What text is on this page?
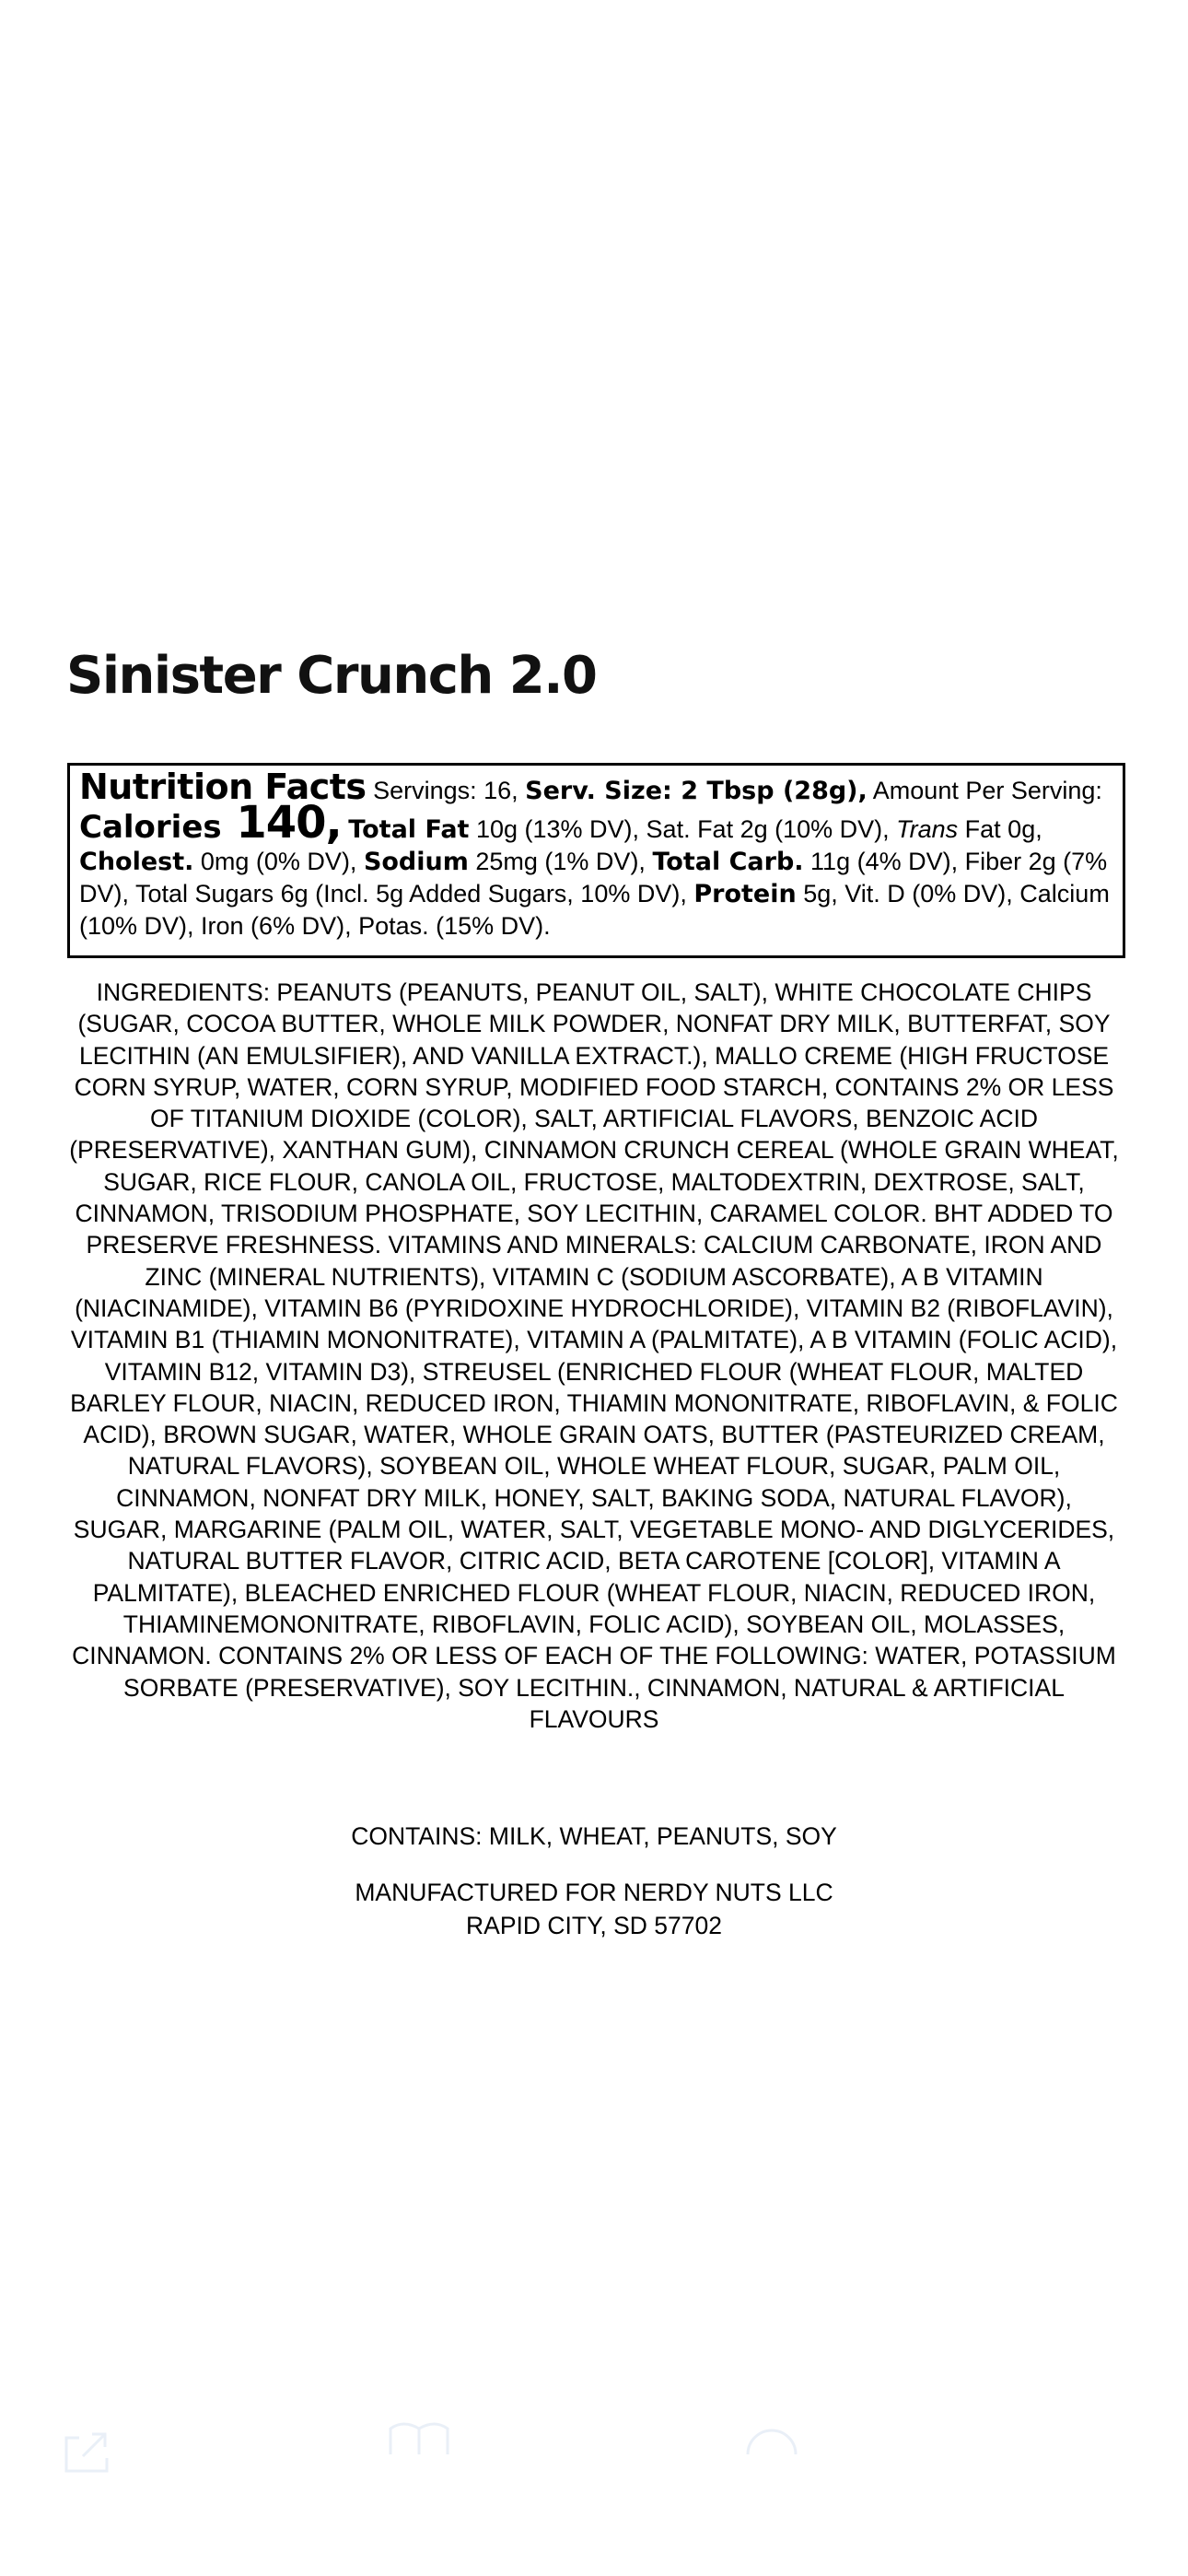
Sinister Crunch 2.0
Nutrition Facts Servings: 16, Serv. Size: 2 Tbsp (28g), Amount Per Serving: Calories 140, Total Fat 10g (13% DV), Sat. Fat 2g (10% DV), Trans Fat 0g, Cholest. 0mg (0% DV), Sodium 25mg (1% DV), Total Carb. 11g (4% DV), Fiber 2g (7% DV), Total Sugars 6g (Incl. 5g Added Sugars, 10% DV), Protein 5g, Vit. D (0% DV), Calcium (10% DV), Iron (6% DV), Potas. (15% DV).

INGREDIENTS: PEANUTS (PEANUTS, PEANUT OIL, SALT), WHITE CHOCOLATE CHIPS (SUGAR, COCOA BUTTER, WHOLE MILK POWDER, NONFAT DRY MILK, BUTTERFAT, SOY LECITHIN (AN EMULSIFIER), AND VANILLA EXTRACT.), MALLO CREME (HIGH FRUCTOSE CORN SYRUP, WATER, CORN SYRUP, MODIFIED FOOD STARCH, CONTAINS 2% OR LESS OF TITANIUM DIOXIDE (COLOR), SALT, ARTIFICIAL FLAVORS, BENZOIC ACID (PRESERVATIVE), XANTHAN GUM), CINNAMON CRUNCH CEREAL (WHOLE GRAIN WHEAT, SUGAR, RICE FLOUR, CANOLA OIL, FRUCTOSE, MALTODEXTRIN, DEXTROSE, SALT, CINNAMON, TRISODIUM PHOSPHATE, SOY LECITHIN, CARAMEL COLOR. BHT ADDED TO PRESERVE FRESHNESS. VITAMINS AND MINERALS: CALCIUM CARBONATE, IRON AND ZINC (MINERAL NUTRIENTS), VITAMIN C (SODIUM ASCORBATE), A B VITAMIN (NIACINAMIDE), VITAMIN B6 (PYRIDOXINE HYDROCHLORIDE), VITAMIN B2 (RIBOFLAVIN), VITAMIN B1 (THIAMIN MONONITRATE), VITAMIN A (PALMITATE), A B VITAMIN (FOLIC ACID), VITAMIN B12, VITAMIN D3), STREUSEL (ENRICHED FLOUR (WHEAT FLOUR, MALTED BARLEY FLOUR, NIACIN, REDUCED IRON, THIAMIN MONONITRATE, RIBOFLAVIN, & FOLIC ACID), BROWN SUGAR, WATER, WHOLE GRAIN OATS, BUTTER (PASTEURIZED CREAM, NATURAL FLAVORS), SOYBEAN OIL, WHOLE WHEAT FLOUR, SUGAR, PALM OIL, CINNAMON, NONFAT DRY MILK, HONEY, SALT, BAKING SODA, NATURAL FLAVOR), SUGAR, MARGARINE (PALM OIL, WATER, SALT, VEGETABLE MONO- AND DIGLYCERIDES, NATURAL BUTTER FLAVOR, CITRIC ACID, BETA CAROTENE [COLOR], VITAMIN A PALMITATE), BLEACHED ENRICHED FLOUR (WHEAT FLOUR, NIACIN, REDUCED IRON, THIAMINEMONONITRATE, RIBOFLAVIN, FOLIC ACID), SOYBEAN OIL, MOLASSES, CINNAMON. CONTAINS 2% OR LESS OF EACH OF THE FOLLOWING: WATER, POTASSIUM SORBATE (PRESERVATIVE), SOY LECITHIN., CINNAMON, NATURAL & ARTIFICIAL FLAVOURS

CONTAINS: MILK, WHEAT, PEANUTS, SOY

MANUFACTURED FOR NERDY NUTS LLC
RAPID CITY, SD 57702
